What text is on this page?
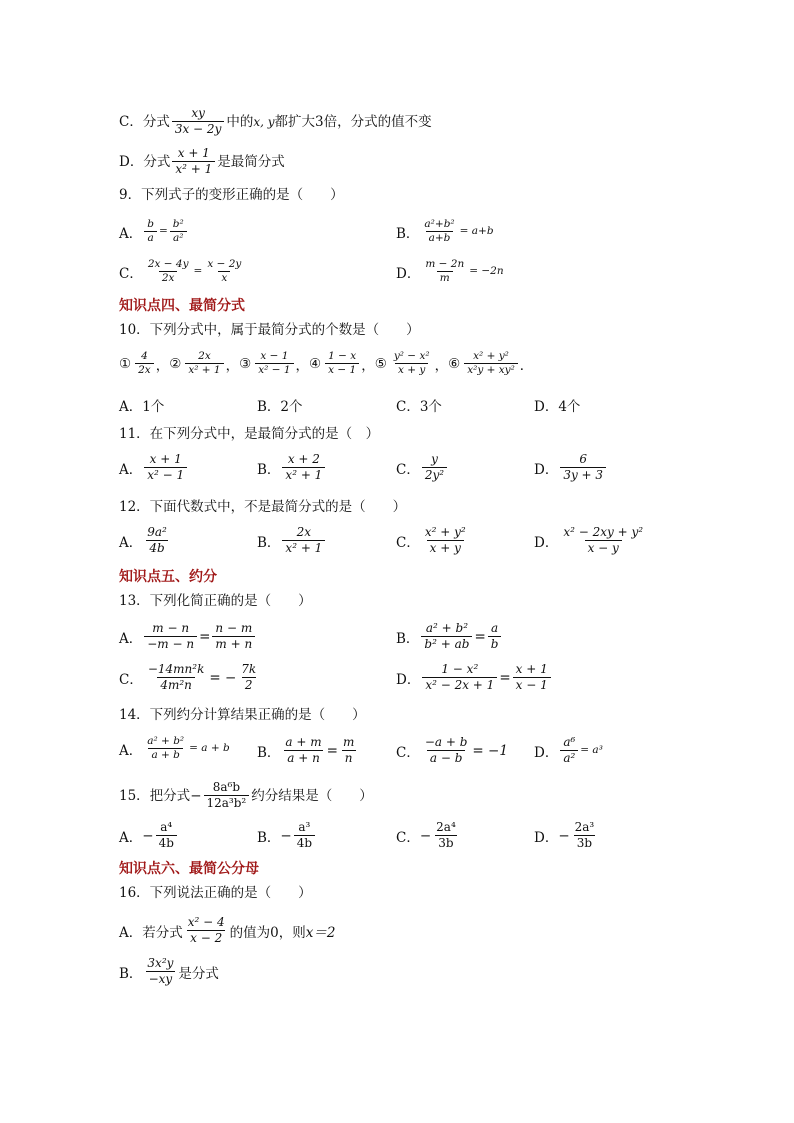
C． 分式 $\frac{xy}{3x - 2y}$ 中的 x, y 都扩大3倍，分式的值不变
D． 分式 $\frac{x + 1}{\text{x² + 1}}$ 是最简分式
9．下列式子的变形正确的是（　　）
A． $\frac{b}{a} = \frac{\text{b²}}{\text{a²}}$	B． $\frac{\text{a²+b²}}{a+b} = a+b$
C． $\frac{2x - 4y}{2x} = \frac{x - 2y}{x}$	D． $\frac{m - 2n}{m} = -2n$
知识点四、最简分式
10．下列分式中，属于最简分式的个数是（　　）
① $\frac{4}{2x}$ ， ② $\frac{2x}{\text{x² + 1}}$ ， ③ $\frac{x - 1}{\text{x² − 1}}$ ， ④ $\frac{1 - x}{x - 1}$ ， ⑤ $\frac{\text{y² − x²}}{x + y}$ ， ⑥ $\frac{\text{x² + y²}}{\text{x²y + xy²}}$ ．
A．1个	B．2个	C．3个	D．4个
11．在下列分式中，是最简分式的是（　）
A． $\frac{x + 1}{\text{x² − 1}}$	B． $\frac{x + 2}{\text{x² + 1}}$	C． $\frac{y}{\text{2y²}}$	D． $\frac{6}{3y + 3}$
12．下面代数式中，不是最简分式的是（　　）
A． $\frac{\text{9a²}}{4b}$	B． $\frac{2x}{\text{x² + 1}}$	C． $\frac{\text{x² + y²}}{x + y}$	D． $\frac{\text{x² − 2xy + y²}}{x - y}$
知识点五、约分
13．下列化简正确的是（　　）
A． $\frac{m - n}{-m - n} = \frac{n - m}{m + n}$	B． $\frac{\text{a² + b²}}{\text{b² + ab}} = \frac{a}{b}$
C． $\frac{\text{−14mn²k}}{\text{4m²n}}$ = − $\frac{7k}{2}$	D． $\frac{\text{1 − x²}}{\text{x² − 2x + 1}} = \frac{x + 1}{x - 1}$
14．下列约分计算结果正确的是（　　）
A． $\frac{\text{a² + b²}}{a + b} = a + b$ B． $\frac{a + m}{a + n} = \frac{m}{n}$	C． $\frac{-a + b}{a - b} = -1$ D． $\frac{\text{a⁶}}{\text{a²}} = a^3$
15．把分式 − $\frac{\text{8a⁶b}}{\text{12a³b²}}$ 约分结果是（　　）
A． − $\frac{\text{a⁴}}{4b}$	B． − $\frac{\text{a³}}{4b}$	C． − $\frac{\text{2a⁴}}{3b}$	D． − $\frac{\text{2a³}}{3b}$
知识点六、最简公分母
16．下列说法正确的是（　　）
A． 若分式 $\frac{\text{x² − 4}}{x - 2}$ 的值为0，则 x＝2
B． $\frac{\text{3x²y}}{-xy}$ 是分式
